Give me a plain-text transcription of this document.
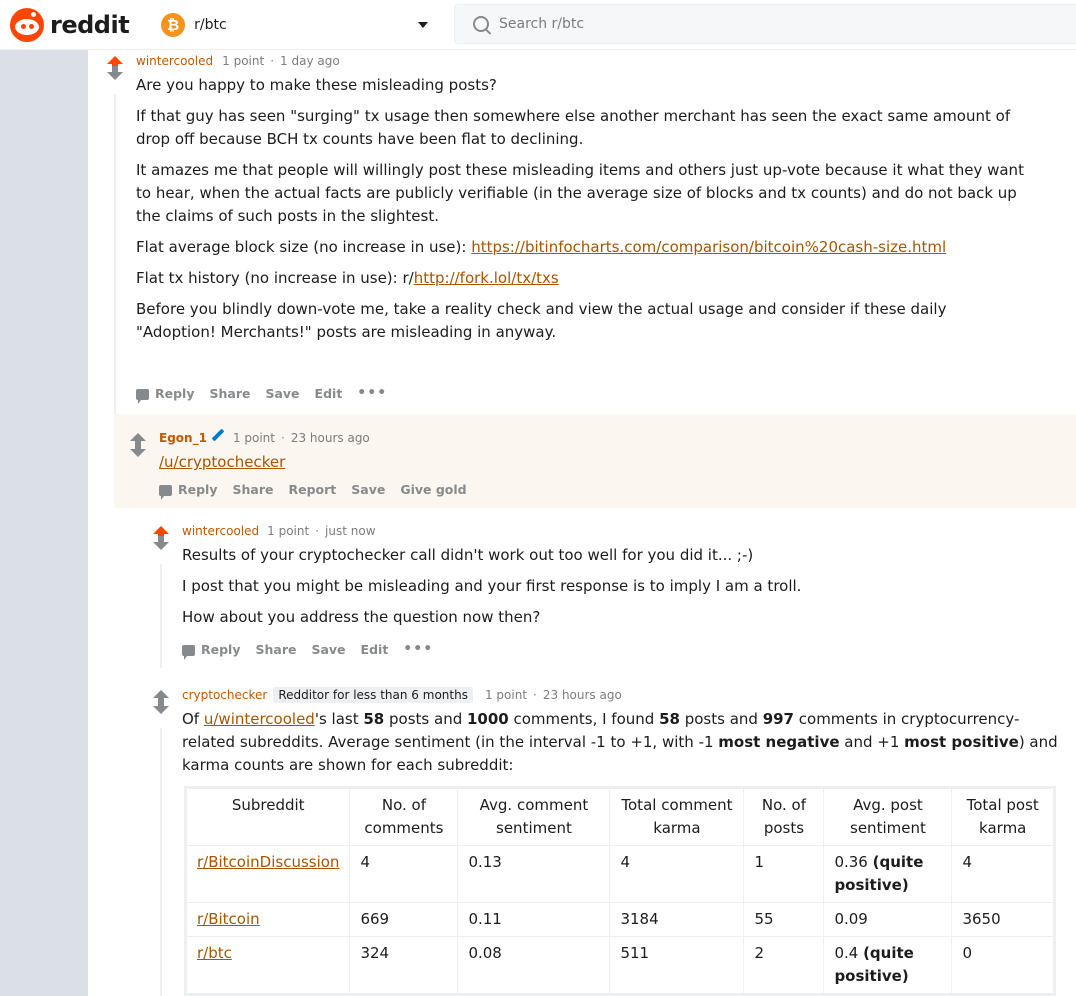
reddit	₿	r/btc
Search r/btc
wintercooled 1 point · 1 day ago

Are you happy to make these misleading posts?

If that guy has seen "surging" tx usage then somewhere else another merchant has seen the exact same amount of drop off because BCH tx counts have been flat to declining.

It amazes me that people will willingly post these misleading items and others just up-vote because it what they want to hear, when the actual facts are publicly verifiable (in the average size of blocks and tx counts) and do not back up the claims of such posts in the slightest.

Flat average block size (no increase in use): https://bitinfocharts.com/comparison/bitcoin%20cash-size.html

Flat tx history (no increase in use): r/http://fork.lol/tx/txs

Before you blindly down-vote me, take a reality check and view the actual usage and consider if these daily "Adoption! Merchants!" posts are misleading in anyway.

Reply Share Save Edit •••
Egon_1 1 point · 23 hours ago

/u/cryptochecker

Reply Share Report Save Give gold
wintercooled 1 point · just now

Results of your cryptochecker call didn't work out too well for you did it... ;-)

I post that you might be misleading and your first response is to imply I am a troll.

How about you address the question now then?

Reply Share Save Edit •••
cryptochecker Redditor for less than 6 months	1 point · 23 hours ago

Of u/wintercooled's last 58 posts and 1000 comments, I found 58 posts and 997 comments in cryptocurrency-related subreddits. Average sentiment (in the interval -1 to +1, with -1 most negative and +1 most positive) and karma counts are shown for each subreddit:

Subreddit	No. of comments	Avg. comment sentiment	Total comment karma	No. of posts	Avg. post sentiment	Total post karma
r/BitcoinDiscussion	4	0.13	4	1	0.36 (quite positive)	4
r/Bitcoin	669	0.11	3184	55	0.09	3650
r/btc	324	0.08	511	2	0.4 (quite positive)	0
